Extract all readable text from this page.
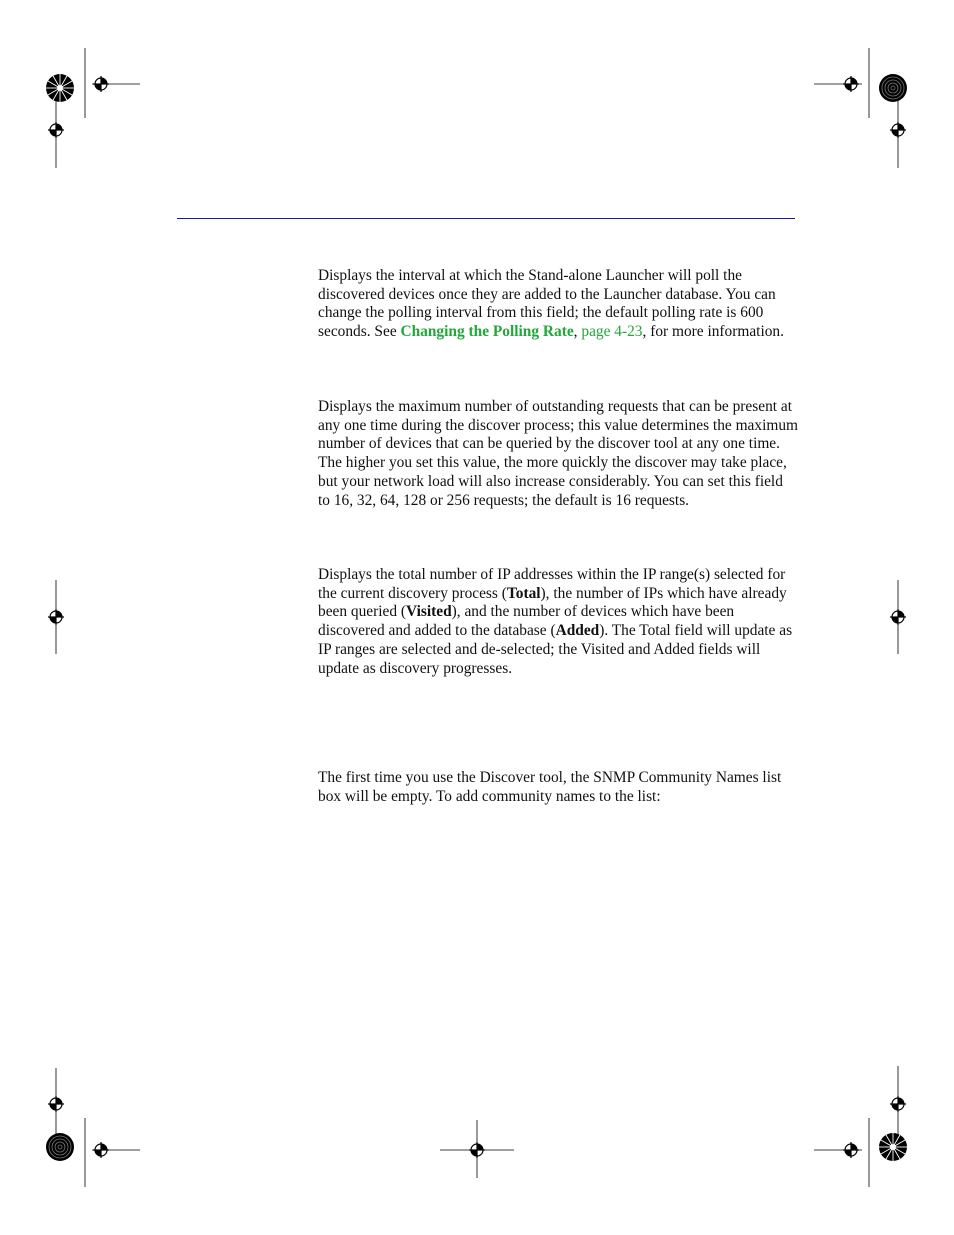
Displays the interval at which the Stand-alone Launcher will poll the discovered devices once they are added to the Launcher database. You can change the polling interval from this field; the default polling rate is 600 seconds. See Changing the Polling Rate, page 4-23, for more information.

Displays the maximum number of outstanding requests that can be present at any one time during the discover process; this value determines the maximum number of devices that can be queried by the discover tool at any one time. The higher you set this value, the more quickly the discover may take place, but your network load will also increase considerably. You can set this field to 16, 32, 64, 128 or 256 requests; the default is 16 requests.

Displays the total number of IP addresses within the IP range(s) selected for the current discovery process (Total), the number of IPs which have already been queried (Visited), and the number of devices which have been discovered and added to the database (Added). The Total field will update as IP ranges are selected and de-selected; the Visited and Added fields will update as discovery progresses.

The first time you use the Discover tool, the SNMP Community Names list box will be empty. To add community names to the list:
